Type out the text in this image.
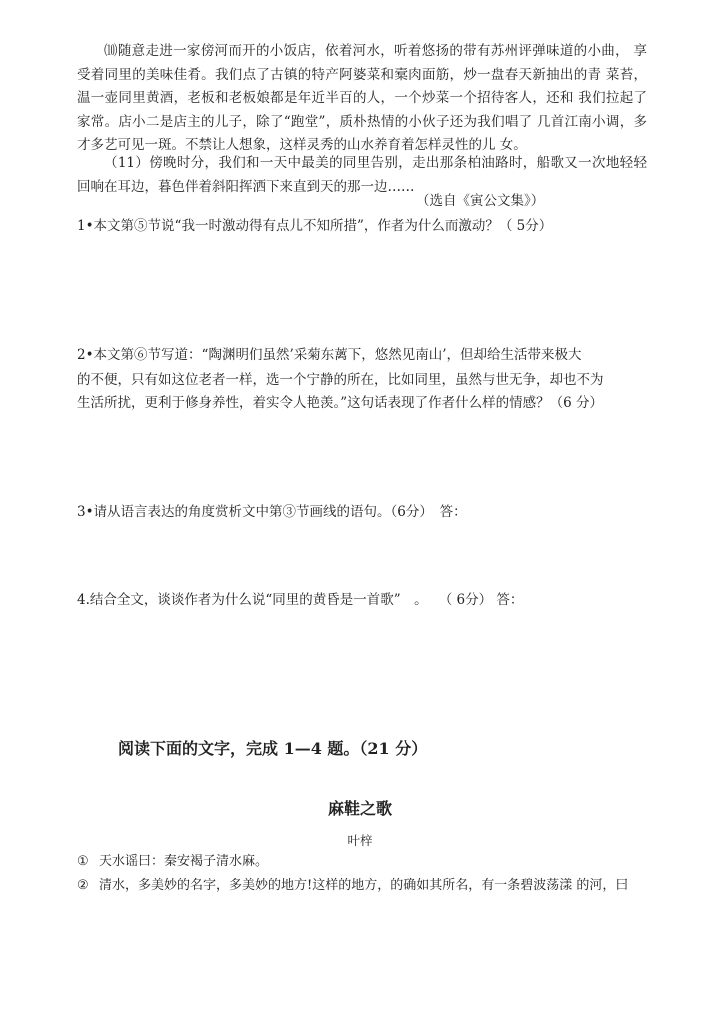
⑽随意走进一家傍河而开的小饭店，依着河水，听着悠扬的带有苏州评弹味道的小曲， 享受着同里的美味佳肴。我们点了古镇的特产阿婆菜和槖肉面筋，炒一盘春天新抽出的青 菜苔，温一壶同里黄酒，老板和老板娘都是年近半百的人，一个炒菜一个招待客人，还和 我们拉起了家常。店小二是店主的儿子，除了“跑堂”，质朴热情的小伙子还为我们唱了 几首江南小调，多才多艺可见一斑。不禁让人想象，这样灵秀的山水养育着怎样灵性的儿 女。

（11）傍晚时分，我们和一天中最美的同里告别，走出那条柏油路时，船歌又一次地轻轻 回响在耳边，暮色伴着斜阳挥洒下来直到天的那一边……

（选自《寅公文集》）

1•本文第⑤节说“我一时激动得有点儿不知所措”，作者为什么而激动？（ 5分）

2•本文第⑥节写道：“陶渊明们虽然’采菊东蓠下，悠然见南山’，但却给生活带来极大

的不便，只有如这位老者一样，选一个宁静的所在，比如同里，虽然与世无争，却也不为

生活所扰，更利于修身养性，着实令人艳羡。”这句话表现了作者什么样的情感？（6 分）

3•请从语言表达的角度赏析文中第③节画线的语句。（6分）　答：

4.结合全文，谈谈作者为什么说“同里的黄昏是一首歌”　。　 （ 6分） 答：

阅读下面的文字，完成 1—4 题。（21 分）

麻鞋之歌

叶梓

① 天水谣曰：秦安褐子清水麻。

② 清水，多美妙的名字，多美妙的地方!这样的地方，的确如其所名，有一条碧波荡漾 的河，曰
